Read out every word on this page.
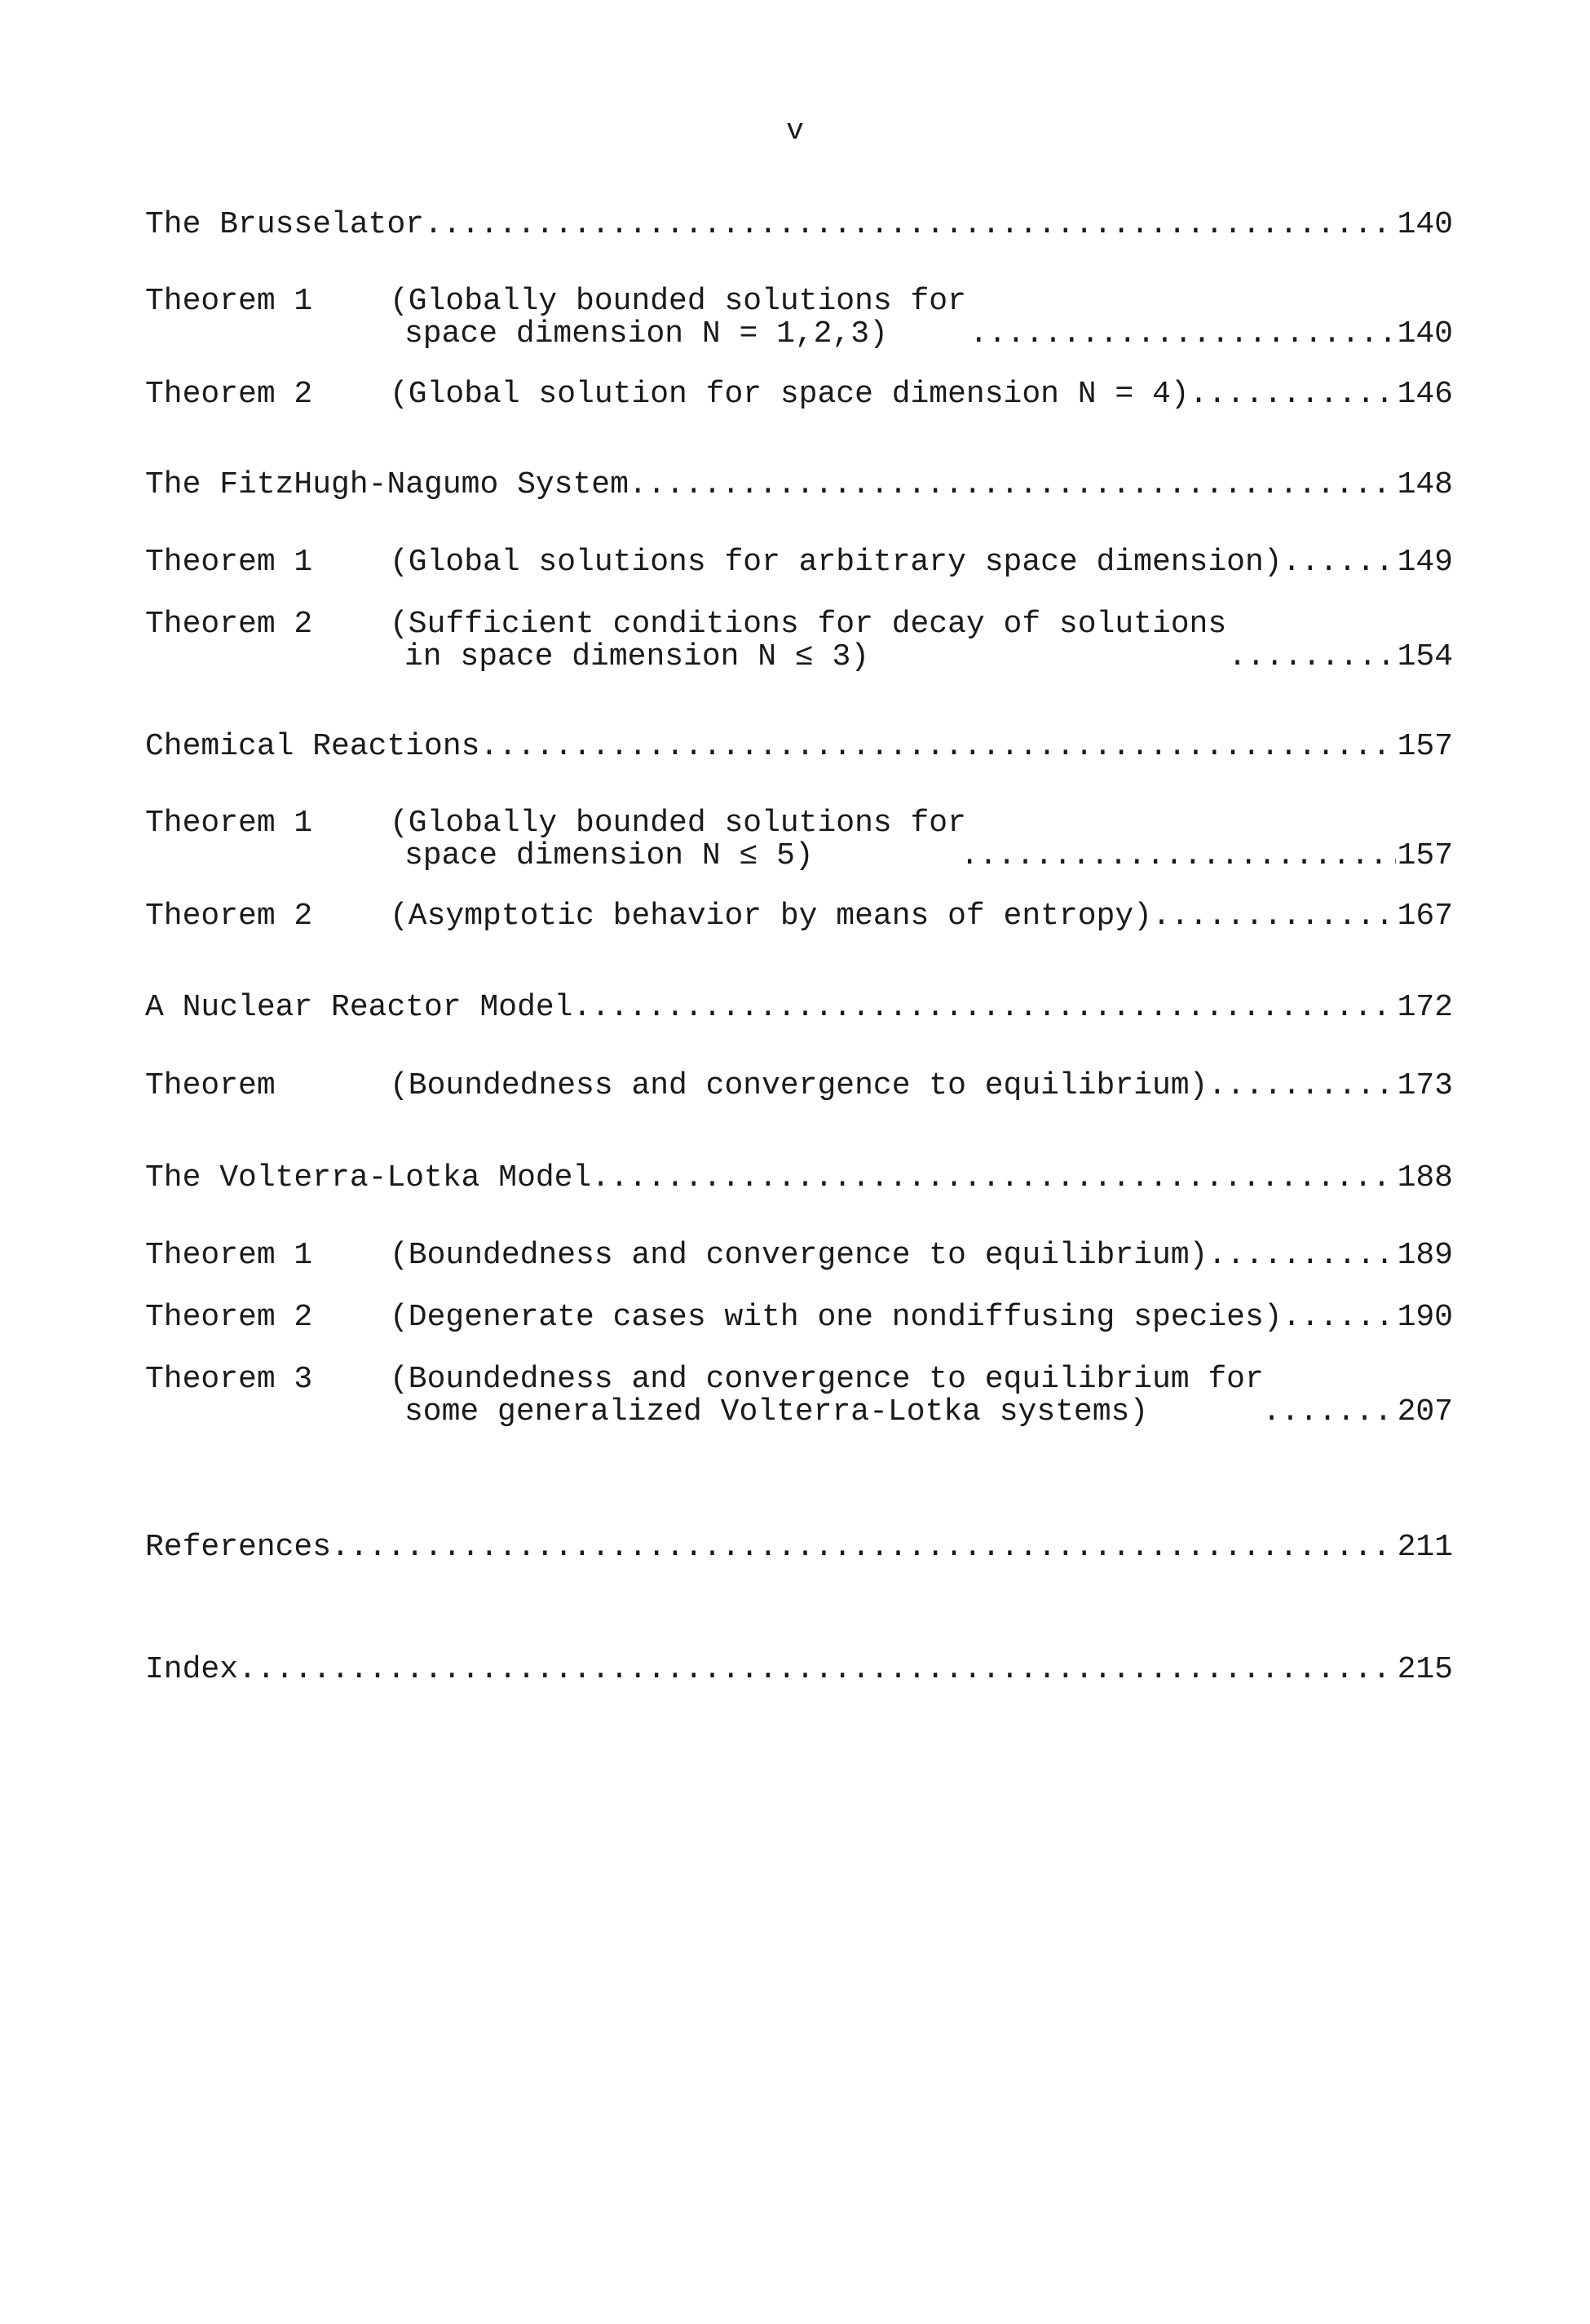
v
The Brusselator .....	140
Theorem 1	(Globally bounded solutions for
space dimension N = 1,2,3) .....	140
Theorem 2	(Global solution for space dimension N = 4) .....	146
The FitzHugh-Nagumo System .....	148
Theorem 1	(Global solutions for arbitrary space dimension) .....	149
Theorem 2	(Sufficient conditions for decay of solutions
in space dimension N ≤ 3) .....	154
Chemical Reactions .....	157
Theorem 1	(Globally bounded solutions for
space dimension N ≤ 5) .....	157
Theorem 2	(Asymptotic behavior by means of entropy) .....	167
A Nuclear Reactor Model .....	172
Theorem	(Boundedness and convergence to equilibrium) .....	173
The Volterra-Lotka Model .....	188
Theorem 1	(Boundedness and convergence to equilibrium) .....	189
Theorem 2	(Degenerate cases with one nondiffusing species) .....	190
Theorem 3	(Boundedness and convergence to equilibrium for
some generalized Volterra-Lotka systems) .....	207
References .....	211
Index .....	215
